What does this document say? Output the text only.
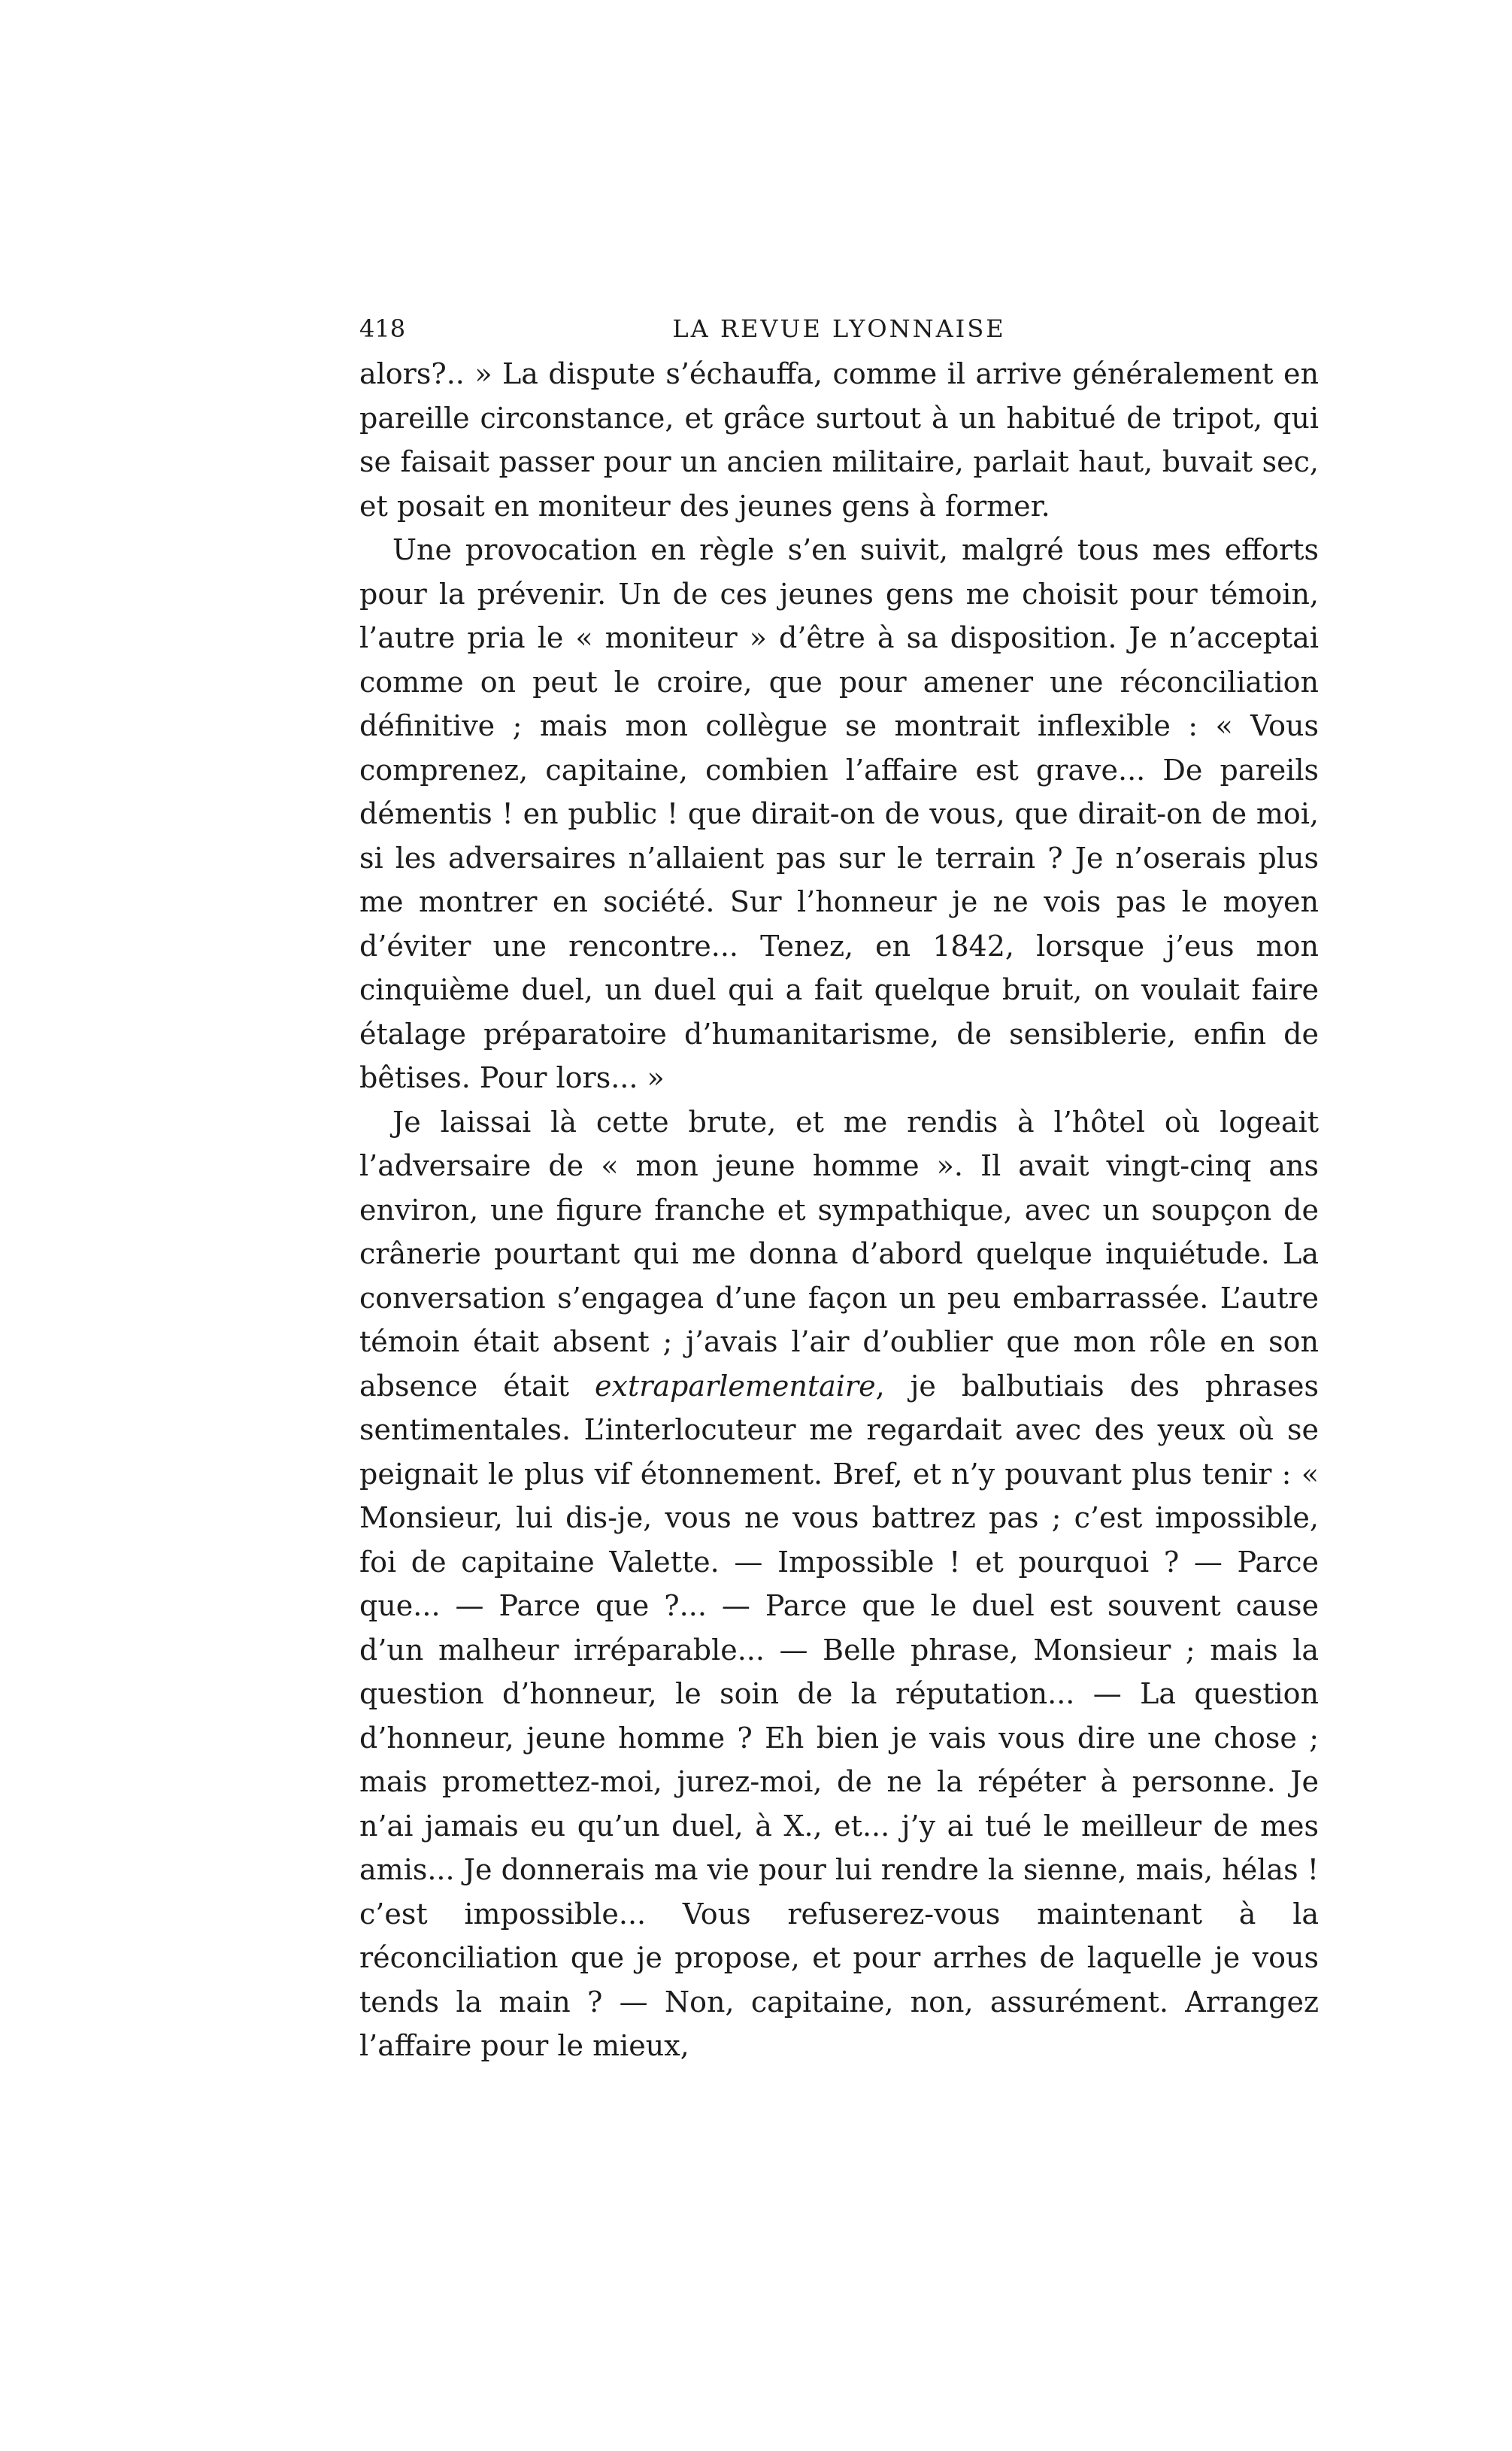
418	LA REVUE LYONNAISE

alors?.. » La dispute s’échauffa, comme il arrive généralement en pareille circonstance, et grâce surtout à un habitué de tripot, qui se faisait passer pour un ancien militaire, parlait haut, buvait sec, et posait en moniteur des jeunes gens à former.

Une provocation en règle s’en suivit, malgré tous mes efforts pour la prévenir. Un de ces jeunes gens me choisit pour témoin, l’autre pria le « moniteur » d’être à sa disposition. Je n’acceptai comme on peut le croire, que pour amener une réconciliation définitive ; mais mon collègue se montrait inflexible : « Vous comprenez, capitaine, combien l’affaire est grave... De pareils démentis ! en public ! que dirait-on de vous, que dirait-on de moi, si les adversaires n’allaient pas sur le terrain ? Je n’oserais plus me montrer en société. Sur l’honneur je ne vois pas le moyen d’éviter une rencontre... Tenez, en 1842, lorsque j’eus mon cinquième duel, un duel qui a fait quelque bruit, on voulait faire étalage préparatoire d’humanitarisme, de sensiblerie, enfin de bêtises. Pour lors... »

Je laissai là cette brute, et me rendis à l’hôtel où logeait l’adversaire de « mon jeune homme ». Il avait vingt-cinq ans environ, une figure franche et sympathique, avec un soupçon de crânerie pourtant qui me donna d’abord quelque inquiétude. La conversation s’engagea d’une façon un peu embarrassée. L’autre témoin était absent ; j’avais l’air d’oublier que mon rôle en son absence était extraparlementaire, je balbutiais des phrases sentimentales. L’interlocuteur me regardait avec des yeux où se peignait le plus vif étonnement. Bref, et n’y pouvant plus tenir : « Monsieur, lui dis-je, vous ne vous battrez pas ; c’est impossible, foi de capitaine Valette. — Impossible ! et pourquoi ? — Parce que... — Parce que ?... — Parce que le duel est souvent cause d’un malheur irréparable... — Belle phrase, Monsieur ; mais la question d’honneur, le soin de la réputation... — La question d’honneur, jeune homme ? Eh bien je vais vous dire une chose ; mais promettez-moi, jurez-moi, de ne la répéter à personne. Je n’ai jamais eu qu’un duel, à X., et... j’y ai tué le meilleur de mes amis... Je donnerais ma vie pour lui rendre la sienne, mais, hélas ! c’est impossible... Vous refuserez-vous maintenant à la réconciliation que je propose, et pour arrhes de laquelle je vous tends la main ? — Non, capitaine, non, assurément. Arrangez l’affaire pour le mieux,
